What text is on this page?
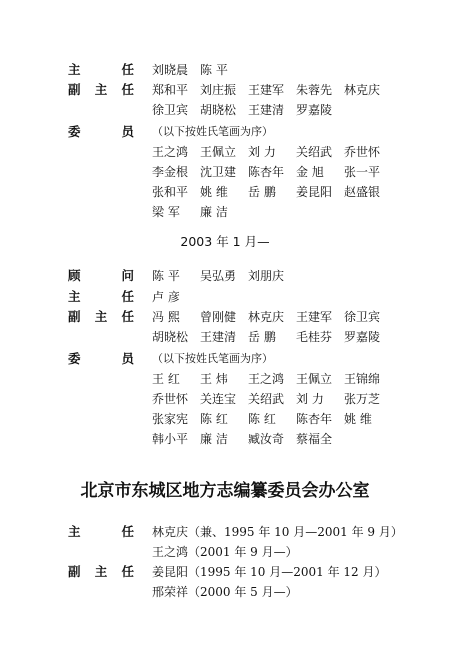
主	任 刘晓晨 陈 平
副 主 任 郑和平 刘庄振 王建军 朱蓉先 林克庆
徐卫宾 胡晓松 王建清 罗嘉陵
委	员 （以下按姓氏笔画为序）
王之鸿 王佩立 刘 力 关绍武 乔世怀
李金根 沈卫建 陈杏年 金 旭 张一平
张和平 姚 维 岳 鹏 姜昆阳 赵盛银
梁 军 廉 洁
2003 年 1 月—
顾	问 陈 平 吴弘勇 刘朋庆
主	任 卢 彦
副 主 任 冯 熙 曾刚健 林克庆 王建军 徐卫宾
胡晓松 王建清 岳 鹏 毛桂芬 罗嘉陵
委	员 （以下按姓氏笔画为序）
王 红 王 炜 王之鸿 王佩立 王锦绵
乔世怀 关连宝 关绍武 刘 力 张万芝
张家宪 陈 红 陈 红 陈杏年 姚 维
韩小平 廉 洁 臧汝奇 蔡福全
北京市东城区地方志编纂委员会办公室
主	任 林克庆（兼、1995 年 10 月—2001 年 9 月）
王之鸿（2001 年 9 月—）
副 主 任 姜昆阳（1995 年 10 月—2001 年 12 月）
邢荣祥（2000 年 5 月—）
